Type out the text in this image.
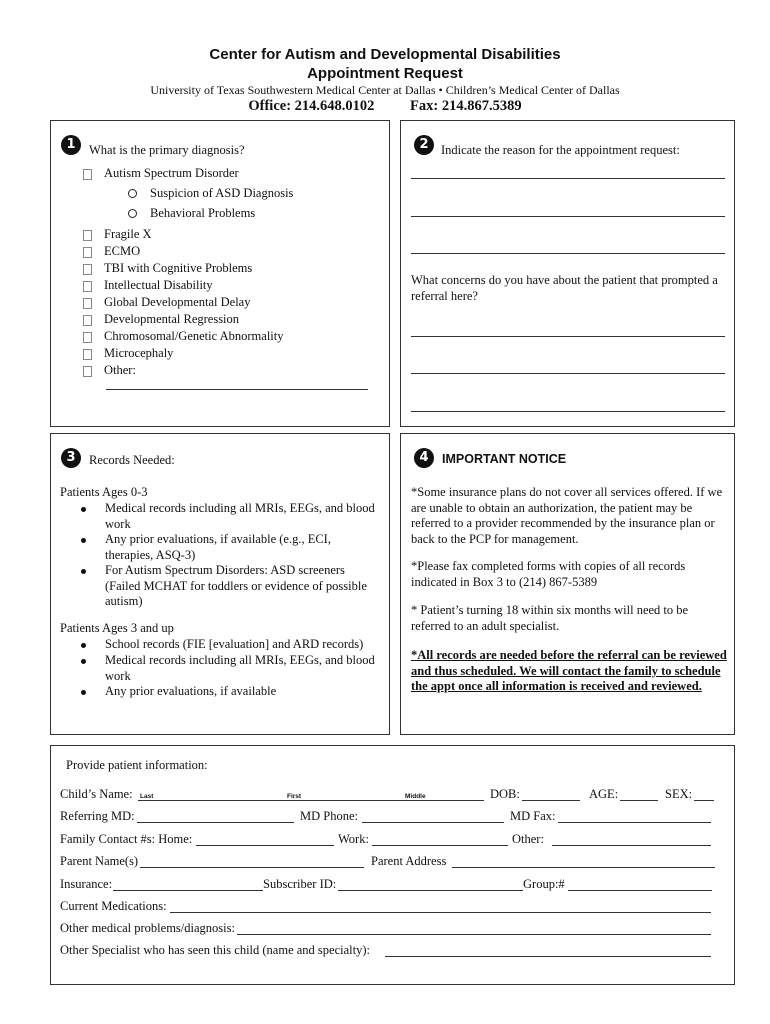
Center for Autism and Developmental Disabilities
Appointment Request
University of Texas Southwestern Medical Center at Dallas • Children’s Medical Center of Dallas
Office: 214.648.0102 Fax: 214.867.5389
1	What is the primary diagnosis?
Autism Spectrum Disorder
Suspicion of ASD Diagnosis
Behavioral Problems
Fragile X
ECMO
TBI with Cognitive Problems
Intellectual Disability
Global Developmental Delay
Developmental Regression
Chromosomal/Genetic Abnormality
Microcephaly
Other:
2 Indicate the reason for the appointment request:
What concerns do you have about the patient that prompted a referral here?
3	Records Needed:
Patients Ages 0-3
Medical records including all MRIs, EEGs, and blood work
Any prior evaluations, if available (e.g., ECI, therapies, ASQ-3)
For Autism Spectrum Disorders: ASD screeners (Failed MCHAT for toddlers or evidence of possible autism)
Patients Ages 3 and up
School records (FIE [evaluation] and ARD records)
Medical records including all MRIs, EEGs, and blood work
Any prior evaluations, if available
4	IMPORTANT NOTICE
*Some insurance plans do not cover all services offered. If we are unable to obtain an authorization, the patient may be referred to a provider recommended by the insurance plan or back to the PCP for management.
*Please fax completed forms with copies of all records indicated in Box 3 to (214) 867-5389
* Patient’s turning 18 within six months will need to be referred to an adult specialist.
*All records are needed before the referral can be reviewed and thus scheduled. We will contact the family to schedule the appt once all information is received and reviewed.
Provide patient information:
Child’s Name: Last	First	Middle	DOB:	AGE:	SEX:
Referring MD:	MD Phone:	MD Fax:
Family Contact #s: Home:	Work:	Other:
Parent Name(s)	Parent Address
Insurance:	Subscriber ID:	Group:#
Current Medications:
Other medical problems/diagnosis:
Other Specialist who has seen this child (name and specialty):
